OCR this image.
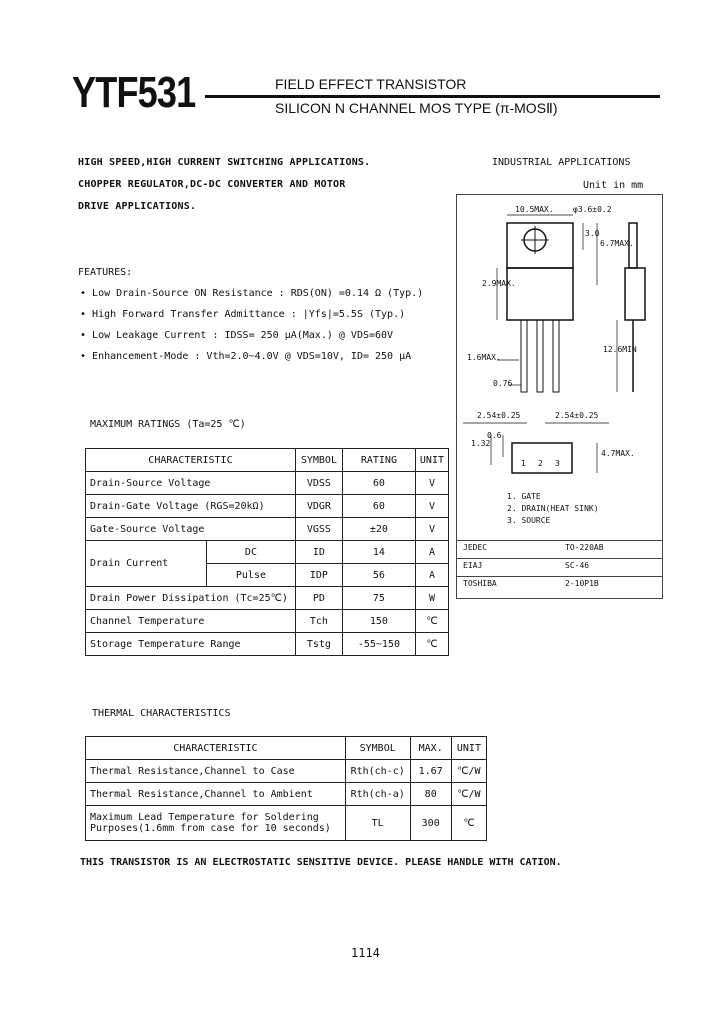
YTF531	FIELD EFFECT TRANSISTOR
SILICON N CHANNEL MOS TYPE (π-MOSⅡ)
HIGH SPEED,HIGH CURRENT SWITCHING APPLICATIONS.
CHOPPER REGULATOR,DC-DC CONVERTER AND MOTOR
DRIVE APPLICATIONS.
FEATURES:
• Low Drain-Source ON Resistance : RDS(ON) =0.14 Ω (Typ.)
• High Forward Transfer Admittance : |Yfs|=5.5S (Typ.)
• Low Leakage Current : IDSS= 250 μA(Max.) @ VDS=60V
• Enhancement-Mode : Vth=2.0~4.0V @ VDS=10V, ID= 250 μA
INDUSTRIAL APPLICATIONS
Unit in mm
10.5MAX. φ3.6±0.2
3.0
6.7MAX.
2.9MAX.
1.6MAX.
12.6MIN
0.76
2.54±0.25	2.54±0.25
1.32
0.6
4.7MAX.
1 2 3
1. GATE
2. DRAIN(HEAT SINK)
3. SOURCE
JEDEC	TO-220AB
EIAJ	SC-46
TOSHIBA	2-10P1B
MAXIMUM RATINGS (Ta=25 ℃)
CHARACTERISTIC		SYMBOL	RATING	UNIT
Drain-Source Voltage		VDSS	60	V
Drain-Gate Voltage (RGS=20kΩ)		VDGR	60	V
Gate-Source Voltage		VGSS	±20	V
Drain Current	DC	ID	14	A
	Pulse	IDP	56	A
Drain Power Dissipation (Tc=25℃)		PD	75	W
Channel Temperature		Tch	150	℃
Storage Temperature Range		Tstg	-55~150	℃
THERMAL CHARACTERISTICS
CHARACTERISTIC	SYMBOL	MAX.	UNIT
Thermal Resistance,Channel to Case	Rth(ch-c)	1.67	℃/W
Thermal Resistance,Channel to Ambient	Rth(ch-a)	80	℃/W
Maximum Lead Temperature for Soldering Purposes(1.6mm from case for 10 seconds)	TL	300	℃
THIS TRANSISTOR IS AN ELECTROSTATIC SENSITIVE DEVICE. PLEASE HANDLE WITH CATION.
1114
